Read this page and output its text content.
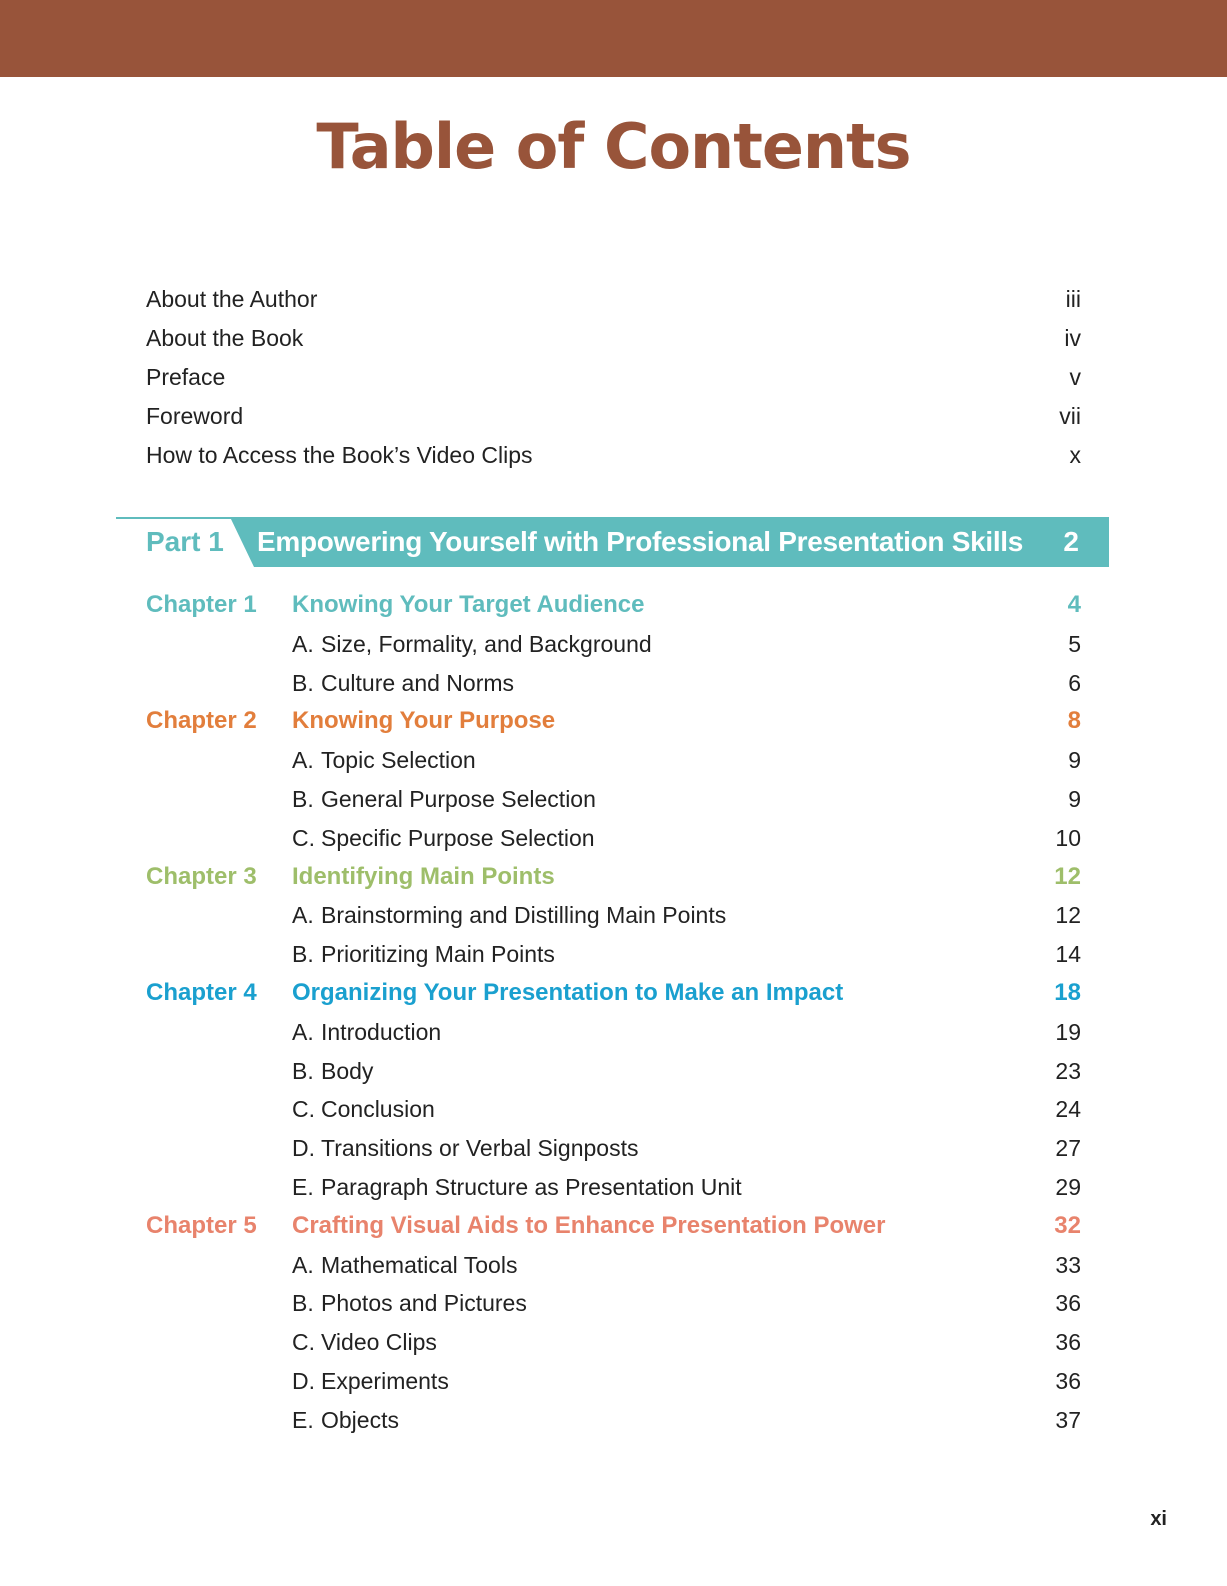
Table of Contents
About the Author	iii
About the Book	iv
Preface	v
Foreword	vii
How to Access the Book’s Video Clips	x
Part 1 Empowering Yourself with Professional Presentation Skills 2
Chapter 1 Knowing Your Target Audience	4
A. Size, Formality, and Background	5
B. Culture and Norms	6
Chapter 2 Knowing Your Purpose	8
A. Topic Selection	9
B. General Purpose Selection	9
C. Specific Purpose Selection	10
Chapter 3 Identifying Main Points	12
A. Brainstorming and Distilling Main Points	12
B. Prioritizing Main Points	14
Chapter 4 Organizing Your Presentation to Make an Impact	18
A. Introduction	19
B. Body	23
C. Conclusion	24
D. Transitions or Verbal Signposts	27
E. Paragraph Structure as Presentation Unit	29
Chapter 5 Crafting Visual Aids to Enhance Presentation Power	32
A. Mathematical Tools	33
B. Photos and Pictures	36
C. Video Clips	36
D. Experiments	36
E. Objects	37
xi
